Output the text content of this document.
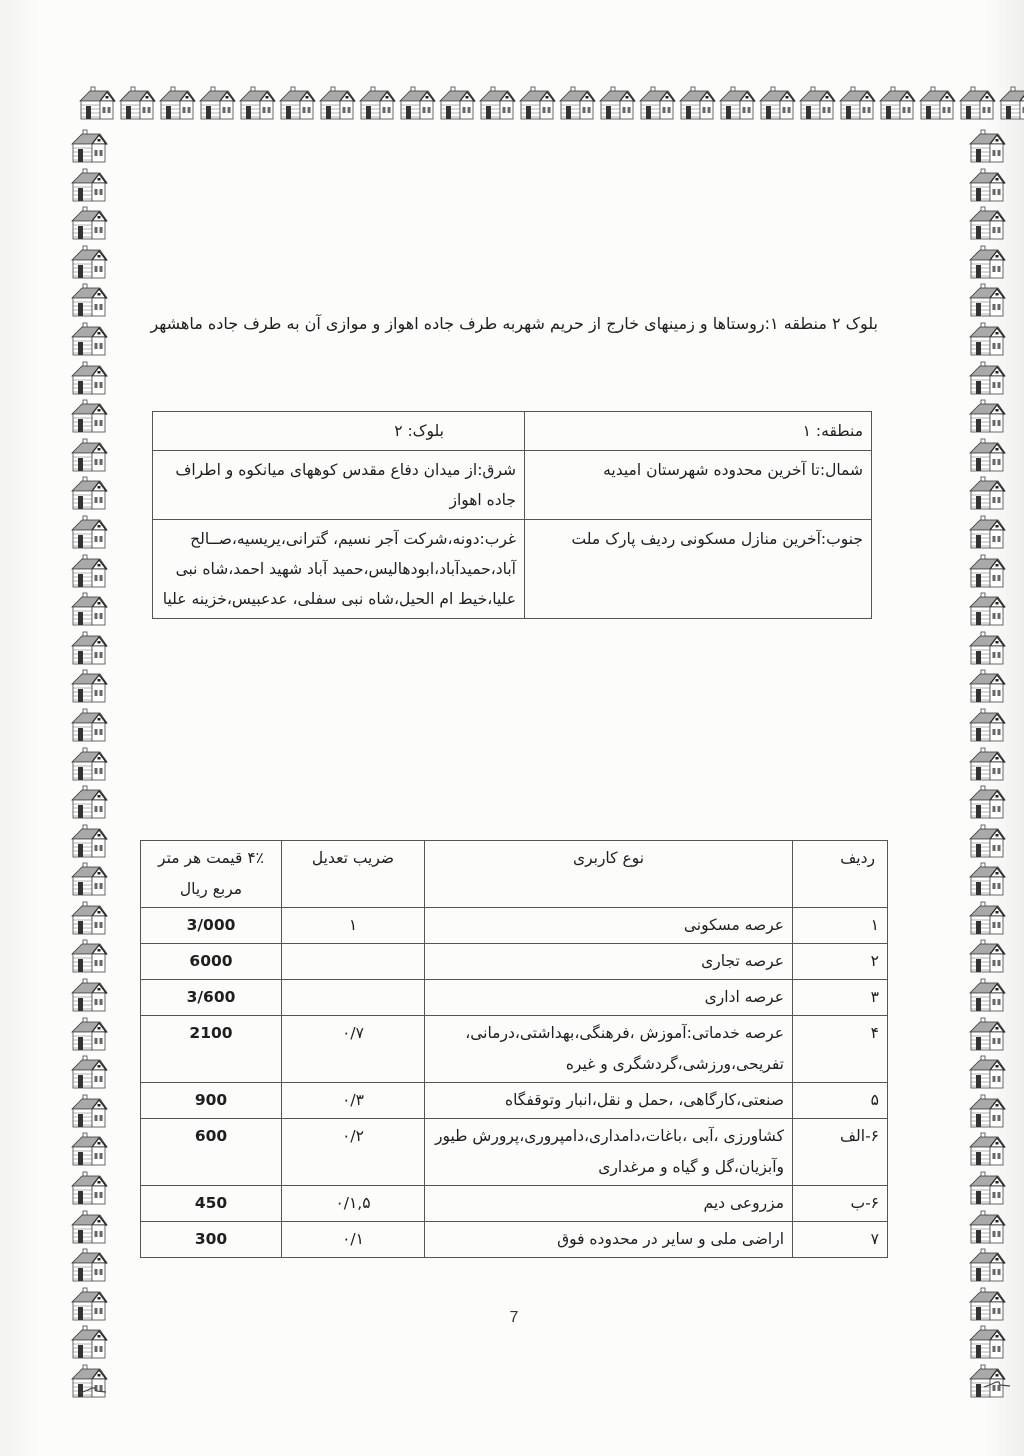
بلوک ۲ منطقه ۱:روستاها و زمینهای خارج از حریم شهربه طرف جاده اهواز و موازی آن به طرف جاده ماهشهر
منطقه: ۱	بلوک: ۲
شمال:تا آخرین محدوده شهرستان امیدیه	شرق:از میدان دفاع مقدس کوههای میانکوه و اطراف جاده اهواز
جنوب:آخرین منازل مسکونی ردیف پارک ملت	غرب:دونه،شرکت آجر نسیم، گترانی،یریسیه،صــالح آباد،حمیدآباد،ابودهالیس،حمید آباد شهید احمد،شاه نبی علیا،خیط ام الحیل،شاه نبی سفلی، عدعبیس،خزینه علیا
ردیف	نوع کاربری	ضریب تعدیل	۴٪ قیمت هر متر مربع ریال
۱	عرصه مسکونی	۱	3/000
۲	عرصه تجاری		6000
۳	عرصه اداری		3/600
۴	عرصه خدماتی:آموزش ،فرهنگی،بهداشتی،درمانی، تفریحی،ورزشی،گردشگری و غیره	۰/۷	2100
۵	صنعتی،کارگاهی، ،حمل و نقل،انبار وتوقفگاه	۰/۳	900
۶-الف	کشاورزی ،آبی ،باغات،دامداری،دامپروری،پرورش طیور وآبزیان،گل و گیاه و مرغداری	۰/۲	600
۶-ب	مزروعی دیم	۰/۱,۵	450
۷	اراضی ملی و سایر در محدوده فوق	۰/۱	300
7
